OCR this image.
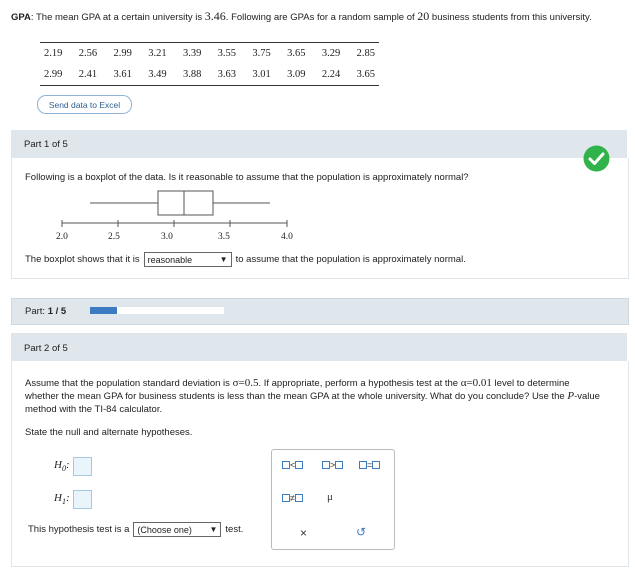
GPA: The mean GPA at a certain university is 3.46. Following are GPAs for a random sample of 20 business students from this university.
2.19 2.56 2.99 3.21 3.39 3.55 3.75 3.65 3.29 2.85
2.99 2.41 3.61 3.49 3.88 3.63 3.01 3.09 2.24 3.65
Send data to Excel
Part 1 of 5
Following is a boxplot of the data. Is it reasonable to assume that the population is approximately normal?
2.0	2.5	3.0	3.5	4.0
The boxplot shows that it is reasonable	▼ to assume that the population is approximately normal.
Part: 1 / 5
Part 2 of 5
Assume that the population standard deviation is σ=0.5. If appropriate, perform a hypothesis test at the α=0.01 level to determine whether the mean GPA for business students is less than the mean GPA at the whole university. What do you conclude? Use the P-value method with the TI-84 calculator.
State the null and alternate hypotheses.
$H_0$:
$H_1$:
This hypothesis test is a (Choose one) ▼ test.
<	>	=
≠	μ
×	↺
